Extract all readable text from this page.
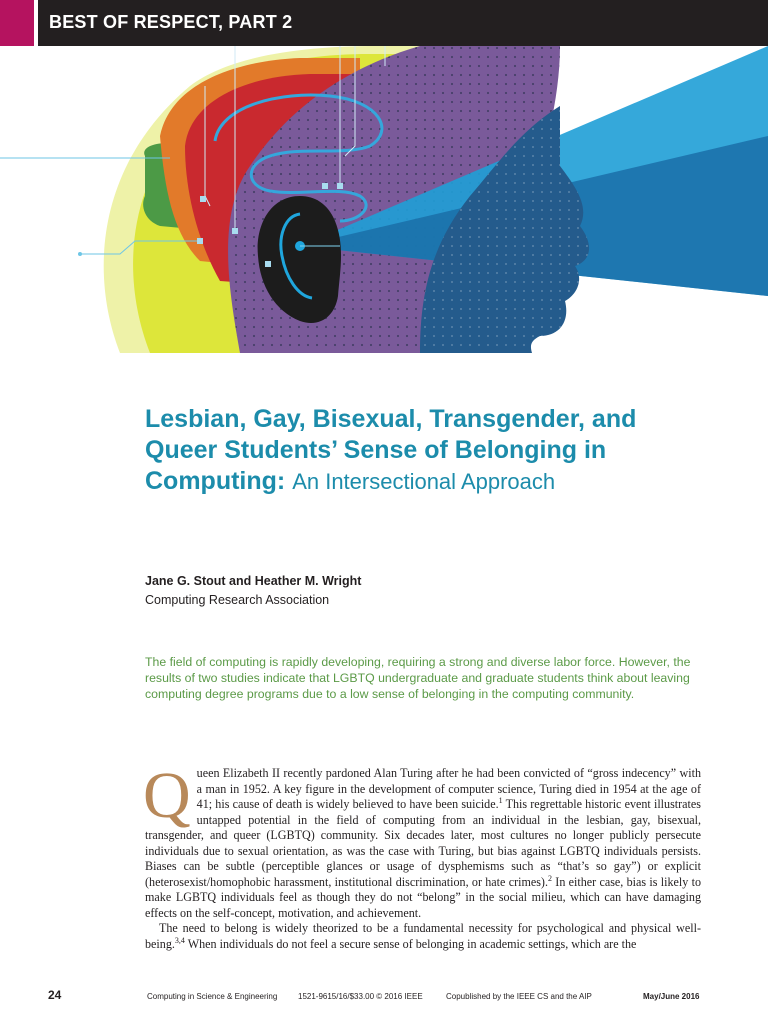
BEST OF RESPECT, PART 2
Lesbian, Gay, Bisexual, Transgender, and Queer Students’ Sense of Belonging in Computing: An Intersectional Approach
Jane G. Stout and Heather M. Wright
Computing Research Association
The field of computing is rapidly developing, requiring a strong and diverse labor force. However, the results of two studies indicate that LGBTQ undergraduate and graduate students think about leaving computing degree programs due to a low sense of belonging in the computing community.

Queen Elizabeth II recently pardoned Alan Turing after he had been convicted of “gross indecency” with a man in 1952. A key figure in the development of computer science, Turing died in 1954 at the age of 41; his cause of death is widely believed to have been suicide.$^1$ This regrettable historic event illustrates untapped potential in the field of computing from an individual in the lesbian, gay, bisexual, transgender, and queer (LGBTQ) community. Six decades later, most cultures no longer publicly persecute individuals due to sexual orientation, as was the case with Turing, but bias against LGBTQ individuals persists. Biases can be subtle (perceptible glances or usage of dysphemisms such as “that’s so gay”) or explicit (heterosexist/homophobic harassment, institutional discrimination, or hate crimes).$^2$ In either case, bias is likely to make LGBTQ individuals feel as though they do not “belong” in the social milieu, which can have damaging effects on the self-concept, motivation, and achievement.

The need to belong is widely theorized to be a fundamental necessity for psychological and physical well-being.$^{3,4}$ When individuals do not feel a secure sense of belonging in academic settings, which are the

24	Computing in Science & Engineering	1521-9615/16/$33.00 © 2016 IEEE	Copublished by the IEEE CS and the AIP	May/June 2016
